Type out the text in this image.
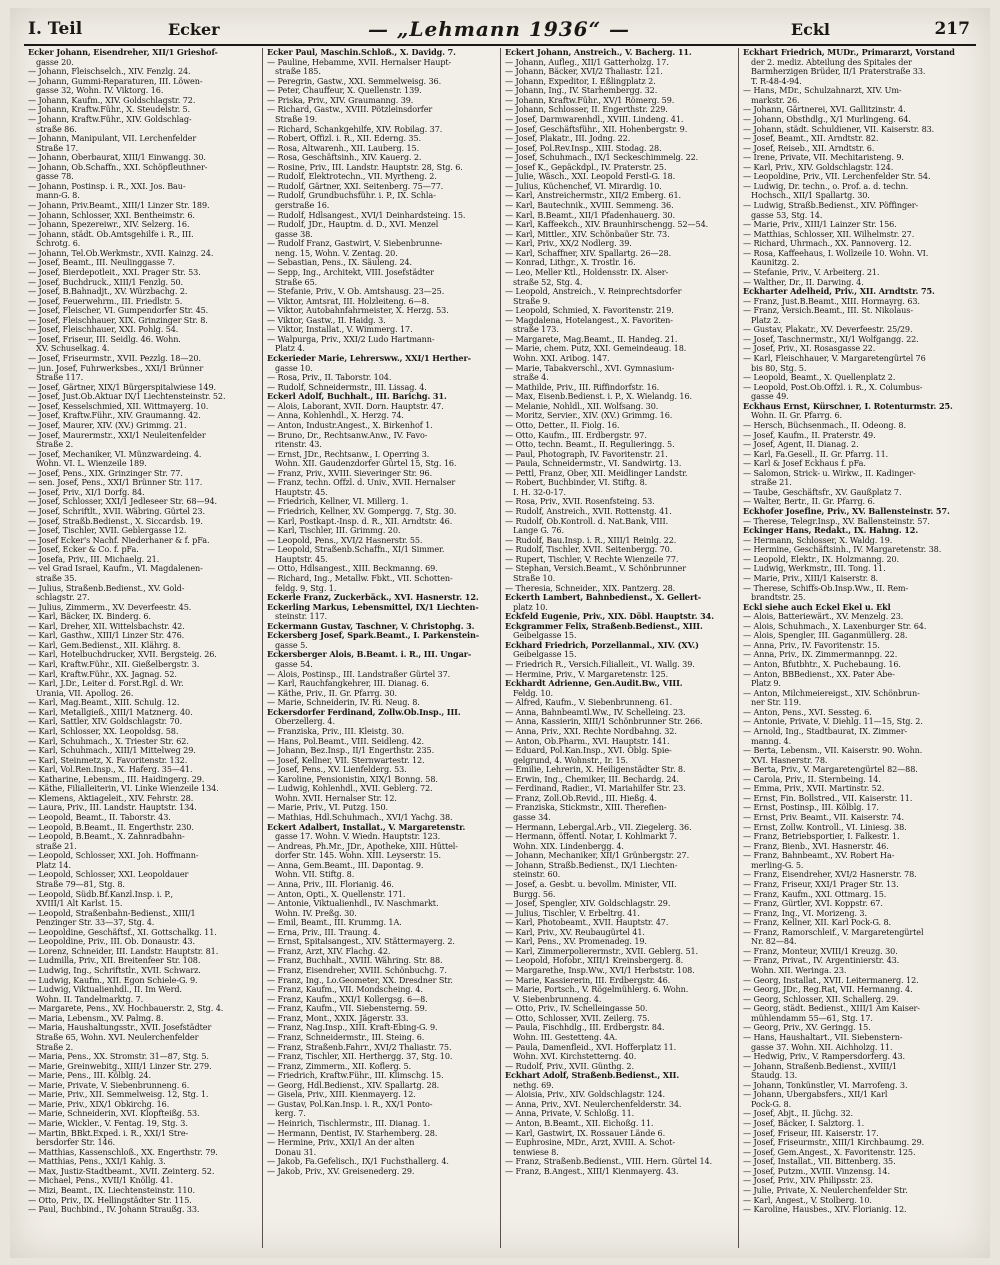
I. Teil	Ecker	— „Lehmann 1936“ —	Eckl	217
Ecker Johann, Eisendreher, XII/1 Grieshof-
gasse 20.
— Johann, Fleischselch., XIV. Fenzlg. 24.
— Johann, Gummi-Reparaturen, III. Löwen-
gasse 32, Wohn. IV. Viktorg. 16.
— Johann, Kaufm., XIV. Goldschlagstr. 72.
— Johann, Kraftw.Führ., X. Steudelstr. 5.
— Johann, Kraftw.Führ., XIV. Goldschlag-
straße 86.
— Johann, Manipulant, VII. Lerchenfelder
Straße 17.
— Johann, Oberbaurat, XIII/1 Einwangg. 30.
— Johann, Ob.Schaffn., XXI. Schöpfleuthner-
gasse 78.
— Johann, Postinsp. i. R., XXI. Jos. Bau-
mann-G. 8.
— Johann, Priv.Beamt., XIII/1 Linzer Str. 189.
— Johann, Schlosser, XXI. Bentheimstr. 6.
— Johann, Spezereiwr., XIV. Selzerg. 16.
— Johann, städt. Ob.Amtsgehilfe i. R., III.
Schrotg. 6.
— Johann, Tel.Ob.Werkmstr., XVII. Kainzg. 24.
— Josef, Beamt., III. Neulinggasse 7.
— Josef, Bierdepotleit., XXI. Prager Str. 53.
— Josef, Buchdruck., XIII/1 Fenzlg. 50.
— Josef, B.Bahnadjt., XV. Würzbachg. 2.
— Josef, Feuerwehrm., III. Friedlstr. 5.
— Josef, Fleischer, VI. Gumpendorfer Str. 45.
— Josef, Fleischhauer, XIX. Grinzinger Str. 8.
— Josef, Fleischhauer, XXI. Pohlg. 54.
— Josef, Friseur, III. Seidlg. 46. Wohn.
XV. Schuselkag. 4.
— Josef, Friseurmstr., XVII. Pezzlg. 18—20.
— jun. Josef, Fuhrwerksbes., XXI/1 Brünner
Straße 117.
— Josef, Gärtner, XIX/1 Bürgerspitalwiese 149.
— Josef, Just.Ob.Aktuar IX/1 Liechtensteinstr. 52.
— Josef, Kesselschmied, XII. Wittmayerg. 10.
— Josef, Kraftw.Führ., XIV. Graumanng. 42.
— Josef, Maurer, XIV. (XV.) Grimmg. 21.
— Josef, Maurermstr., XXI/1 Neuleitenfelder
Straße 2.
— Josef, Mechaniker, VI. Münzwardeing. 4.
Wohn. VI. L. Wienzeile 189.
— Josef, Pens., XIX. Grinzinger Str. 77.
— sen. Josef, Pens., XXI/1 Brünner Str. 117.
— Josef, Priv., XI/1 Dorfg. 84.
— Josef, Schlosser, XXI/1 Jedleseer Str. 68—94.
— Josef, Schriftlt., XVII. Wäbring. Gürtel 23.
— Josef, Straßb.Bedienst., X. Siccardsb. 19.
— Josef, Tischler, XVII. Geblergasse 12.
— Josef Ecker's Nachf. Niederhaner & f. pFa.
— Josef, Ecker & Co. f. pFa.
— Josefa, Priv., III. Michaelg. 21.
— vel Grad Israel, Kaufm., VI. Magdalenen-
straße 35.
— Julius, Straßenb.Bedienst., XV. Gold-
schlagstr. 27.
— Julius, Zimmerm., XV. Deverfeestr. 45.
— Karl, Bäcker, IX. Binderg. 6.
— Karl, Dreher, XII. Wittelsbachstr. 42.
— Karl, Gasthw., XIII/1 Linzer Str. 476.
— Karl, Gem.Bedienst., XII. Klährg. 8.
— Karl, Hotelbuchdrucker, XVII. Bergsteig. 26.
— Karl, Kraftw.Führ., XII. Gießelbergstr. 3.
— Karl, Kraftw.Führ., XX. Jagnag. 52.
— Karl, J.Dr., Leiter d. Forst.Rgl. d. Wr.
Urania, VII. Apollog. 26.
— Karl, Mag.Beamt., XIII. Schulg. 12.
— Karl, Metallgieß., XIII/1 Matznerg. 40.
— Karl, Sattler, XIV. Goldschlagstr. 70.
— Karl, Schlosser, XX. Leopoldsg. 58.
— Karl, Schuhmach., X. Triester Str. 62.
— Karl, Schuhmach., XIII/1 Mittelweg 29.
— Karl, Steinmetz, X. Favoritenstr. 132.
— Karl, Vol.Ren.Insp., X. Haferg. 35—41.
— Katharine, Lebensm., III. Haidingerg. 29.
— Käthe, Filialleiterin, VI. Linke Wienzeile 134.
— Klemens, Aktiageleit., XIV. Fehrstr. 28.
— Laura, Priv., III. Landstr. Hauptstr. 134.
— Leopold, Beamt., II. Taborstr. 43.
— Leopold, B.Beamt., II. Engerthstr. 230.
— Leopold, B.Beamt., X. Zahnradbahn-
straße 21.
— Leopold, Schlosser, XXI. Joh. Hoffmann-
Platz 14.
— Leopold, Schlosser, XXI. Leopoldauer
Straße 79—81, Stg. 8.
— Leopold, Südb.Bf.Kanzl.Insp. i. P.,
XVIII/1 Alt Karlst. 15.
— Leopold, Straßenbahn-Bedienst., XIII/1
Penzinger Str. 33—37, Stg. 4.
— Leopoldine, Geschäftsf., XI. Gottschalkg. 11.
— Leopoldine, Priv., III. Ob. Donaustr. 43.
— Lorenz, Schneider, III. Landstr. Hauptstr. 81.
— Ludmilla, Priv., XII. Breitenfeer Str. 108.
— Ludwig, Ing., Schriftstlr., XVII. Schwarz.
— Ludwig, Kaufm., XII. Egon Schiele-G. 9.
— Ludwig, Viktualienhdl., II. Im Werd.
Wohn. II. Tandelmarktg. 7.
— Margarete, Pens., XV. Hochbauerstr. 2, Stg. 4.
— Maria, Lebensm., XV. Palmg. 8.
— Maria, Haushaltungsstr., XVII. Josefstädter
Straße 65, Wohn. XVI. Neulerchenfelder
Straße 2.
— Maria, Pens., XX. Stromstr. 31—87, Stg. 5.
— Marie, Greinwebitg., XIII/1 Linzer Str. 279.
— Marie, Pens., III. Kölblg. 24.
— Marie, Private, V. Siebenbrunneng. 6.
— Marie, Priv., XII. Semmelweisg. 12, Stg. 1.
— Marie, Priv., XIX/1 Obkirchg. 16.
— Marie, Schneiderin, XVI. Klopfteißg. 53.
— Marie, Wickler., V. Fentag. 19, Stg. 3.
— Martin, BBkt.Exped. i. R., XXI/1 Stre-
bersdorfer Str. 146.
— Matthias, Kassenschloß., XX. Engerthstr. 79.
— Matthias, Pens., XXI/1 Kahlg. 3.
— Max, Justiz-Stadtbeamt., XVII. Zeinterg. 52.
— Michael, Pens., XVII/1 Knöllg. 41.
— Mizi, Beamt., IX. Liechtensteinstr. 110.
— Otto, Priv., IX. Hellingstädter Str. 115.
— Paul, Buchbind., IV. Johann Straußg. 33.
Ecker Paul, Maschin.Schloß., X. Davidg. 7.
— Pauline, Hebamme, XVII. Hernalser Haupt-
straße 185.
— Peregrin, Gastw., XXI. Semmelweisg. 36.
— Peter, Chauffeur, X. Quellenstr. 139.
— Priska, Priv., XIV. Graumanng. 39.
— Richard, Gastw., XVIII. Pötzleinsdorfer
Straße 19.
— Richard, Schankgehilfe, XIV. Robilag. 37.
— Robert, Offizl. i. R., XII. Ederng. 35.
— Rosa, Altwarenh., XII. Lauberg. 15.
— Rosa, Geschäftsinh., XIV. Kauerg. 2.
— Rosine, Priv., III. Landstr. Hauptstr. 28, Stg. 6.
— Rudolf, Elektrotechn., VII. Myrtheng. 2.
— Rudolf, Gärtner, XXI. Seitenberg. 75—77.
— Rudolf, Grundbuchsführ. i. P., IX. Schla-
gerstraße 16.
— Rudolf, Hdlsangest., XVI/1 Deinhardsteing. 15.
— Rudolf, JDr., Hauptm. d. D., XVI. Menzel
gasse 38.
— Rudolf Franz, Gastwirt, V. Siebenbrunne-
neng. 15, Wohn. V. Zentag. 20.
— Sebastian, Pens., IX. Säuleng. 24.
— Sepp, Ing., Architekt, VIII. Josefstädter
Straße 65.
— Stefanie, Priv., V. Ob. Amtshausg. 23—25.
— Viktor, Amtsrat, III. Holzleiteng. 6—8.
— Viktor, Autobahnfahrmeister, X. Herzg. 53.
— Viktor, Gastw., II. Haidg. 3.
— Viktor, Installat., V. Wimmerg. 17.
— Walpurga, Priv., XXI/2 Ludo Hartmann-
Platz 4.
Eckerieder Marie, Lehrersww., XXI/1 Herther-
gasse 10.
— Rosa, Priv., II. Taborstr. 104.
— Rudolf, Schneidermstr., III. Lissag. 4.
Eckerl Adolf, Buchhalt., III. Barichg. 31.
— Alois, Laborant, XVII. Dorn. Hauptstr. 47.
— Anna, Kohlenhdl., X. Herzg. 74.
— Anton, Industr.Angest., X. Birkenhof 1.
— Bruno, Dr., Rechtsanw.Anw., IV. Favo-
ritenstr. 43.
— Ernst, JDr., Rechtsanw., I. Operring 3.
Wohn. XII. Gaudenzdorfer Gürtel 15, Stg. 16.
— Franz, Priv., XVIII. Sieveringer Str. 96.
— Franz, techn. Offzl. d. Univ., XVII. Hernalser
Hauptstr. 45.
— Friedrich, Kellner, VI. Millerg. 1.
— Friedrich, Kellner, XV. Gompergg. 7, Stg. 30.
— Karl, Postkapt.-Insp. d. R., XII. Arndtstr. 46.
— Karl, Tischler, III. Grimmg. 20.
— Leopold, Pens., XVI/2 Hasnerstr. 55.
— Leopold, Straßenb.Schaffn., XI/1 Simmer.
Hauptstr. 45.
— Otto, Hdlsangest., XIII. Beckmanng. 69.
— Richard, Ing., Metallw. Fbkt., VII. Schotten-
feldg. 9, Stg. 1.
Eckerle Franz, Zuckerbäck., XVI. Hasnerstr. 12.
Eckerling Markus, Lebensmittel, IX/1 Liechten-
steinstr. 117.
Eckermann Gustav, Taschner, V. Christophg. 3.
Eckersberg Josef, Spark.Beamt., I. Parkenstein-
gasse 5.
Eckersberger Alois, B.Beamt. i. R., III. Ungar-
gasse 54.
— Alois, Postinsp., III. Landstraßer Gürtel 37.
— Karl, Rauchfangkehrer, III. Dianag. 6.
— Käthe, Priv., II. Gr. Pfarrg. 30.
— Marie, Schneiderin, IV. Ri. Neug. 8.
Eckersdorfer Ferdinand, Zollw.Ob.Insp., III.
Oberzellerg. 4.
— Franziska, Priv., III. Kleistg. 30.
— Hans, Pol.Beamt., VIII. Seidleng. 42.
— Johann, Bez.Insp., II/1 Engerthstr. 235.
— Josef, Kellner, VII. Sternwartestr. 12.
— Josef, Pens., XV. Lienfelderg. 53.
— Karoline, Pensionistin, XIX/1 Bonng. 58.
— Ludwig, Kohlenhdl., XVII. Geblerg. 72.
Wohn. XVII. Hernalser Str. 12.
— Marie, Priv., VI. Putzg. 150.
— Mathias, Hdl.Schuhmach., XVI/1 Yachg. 38.
Eckert Adalbert, Installat., V. Margaretenstr.
gasse 17. Wohn. V. Wiedn. Hauptstr. 123.
— Andreas, Ph.Mr., JDr., Apotheke, XIII. Hüttel-
dorfer Str. 145. Wohn. XIII. Leyserstr. 15.
— Anna, Gem.Beamt., III. Dapontag. 9.
Wohn. VII. Stiftg. 8.
— Anna, Priv., III. Florianig. 46.
— Anton, Opti., X. Quellenstr. 171.
— Antonie, Viktualienhdl., IV. Naschmarkt.
Wohn. IV. Preßg. 30.
— Emil, Beamt., III. Krummg. 1A.
— Erna, Priv., III. Traung. 4.
— Ernst, Spitalsangest., XIV. Stättermayerg. 2.
— Franz, Arzt, XIV. Flachg. 42.
— Franz, Buchhalt., XVIII. Währing. Str. 88.
— Franz, Eisendreher, XVIII. Schönbuchg. 7.
— Franz, Ing., Lo.Geometer, XX. Dresdner Str.
— Franz, Kaufm., VII. Mondscheing. 4.
— Franz, Kaufm., XXI/1 Kollergsg. 6—8.
— Franz, Kaufm., VII. Siebensterng. 59.
— Franz, Mont., XXIX. Jägerstr. 33.
— Franz, Nag.Insp., XIII. Kraft-Ebing-G. 9.
— Franz, Schneidermstr., III. Steing. 6.
— Franz, Straßenb.Fahrr., XVI/2 Thaliastr. 75.
— Franz, Tischler, XII. Herthergg. 37, Stg. 10.
— Franz, Zimmerm., XII. Koflerg. 5.
— Friedrich, Kraftw.Führ., III. Klimschg. 15.
— Georg, Hdl.Bedienst., XIV. Spallartg. 28.
— Gisela, Priv., XIII. Kienmayerg. 12.
— Gustav, Pol.Kan.Insp. i. R., XX/1 Ponto-
kerg. 7.
— Heinrich, Tischlermstr., III. Dianag. 1.
— Hermann, Dentist, IV. Starhemberg. 28.
— Hermine, Priv., XXI/1 An der alten
Donau 31.
— Jakob, Fa.Gefelisch., IX/1 Fuchsthallerg. 4.
— Jakob, Priv., XV. Greisenederg. 29.
Eckert Johann, Anstreich., V. Bacherg. 11.
— Johann, Aufleg., XII/1 Gatterholzg. 17.
— Johann, Bäcker, XVI/2 Thaliastr. 121.
— Johann, Expeditor, I. Eßlingplatz 2.
— Johann, Ing., IV. Starhembergg. 32.
— Johann, Kraftw.Führ., XV/1 Römerg. 59.
— Johann, Schlosser, II. Engerthstr. 229.
— Josef, Darmwarenhdl., XVIII. Lindeng. 41.
— Josef, Geschäftsführ., XII. Hohenbergstr. 9.
— Josef, Plakatr., III. Jodng. 22.
— Josef, Pol.Rev.Insp., XIII. Stodag. 28.
— Josef, Schuhmach., IX/1 Seckeschimmelg. 22.
— Josef K., Gepäckdpl., IV. Praterstr. 25.
— Julie, Wäsch., XXI. Leopold Ferstl-G. 18.
— Julius, Küchenchef, VI. Mirardig. 10.
— Karl, Anstreichermstr., XII/2 Emberg. 61.
— Karl, Bautechnik., XVIII. Semmeng. 36.
— Karl, B.Beamt., XII/1 Pfadenhauerg. 30.
— Karl, Kaffeekch., XIV. Braunhirschengg. 52—54.
— Karl, Mittler., XIV. Schönbaüer Str. 73.
— Karl, Priv., XX/2 Nodlerg. 39.
— Karl, Schaffner, XIV. Spallartg. 26—28.
— Konrad, Lithgr., X. Trostlr. 16.
— Leo, Meller Ktl., Holdensstr. IX. Alser-
straße 52, Stg. 4.
— Leopold, Anstreich., V. Reinprechtsdorfer
Straße 9.
— Leopold, Schmied, X. Favoritenstr. 219.
— Magdalena, Hotelangest., X. Favoriten-
straße 173.
— Margarete, Mag.Beamt., II. Handeg. 21.
— Marie, chem. Putz, XXI. Gemeindeaug. 18.
Wohn. XXI. Aribog. 147.
— Marie, Tabakverschl., XVI. Gymnasium-
straße 4.
— Mathilde, Priv., III. Riffindorfstr. 16.
— Max, Eisenb.Bedienst. i. P., X. Wielandg. 16.
— Melanie, Nohldl., XII. Wolfsang. 30.
— Moritz, Servier., XIV. (XV.) Grimmg. 16.
— Otto, Detter., II. Fiolg. 16.
— Otto, Kaufm., III. Erdbergstr. 97.
— Otto, techn. Beamt., II. Regulieringg. 5.
— Paul, Photograph, IV. Favoritenstr. 21.
— Paula, Schneidermstr., VI. Sandwirtg. 13.
— Pettl, Franz, Ober, XII. Meidlinger Landstr.
— Robert, Buchbinder, VI. Stiftg. 8.
I. H. 32-0-17.
— Rosa, Priv., XVII. Rosenfsteing. 53.
— Rudolf, Anstreich., XVII. Rottenstg. 41.
— Rudolf, Ob.Kontroll. d. Nat.Bank, VIII.
Lange G. 76.
— Rudolf, Bau.Insp. i. R., XIII/1 Reinlg. 22.
— Rudolf, Tischler, XVII. Seitenbergg. 70.
— Rupert, Tischler, V. Rechte Wienzeile 77.
— Stephan, Versich.Beamt., V. Schönbrunner
Straße 10.
— Theresia, Schneider., XIX. Pantzerg. 28.
Eckerth Lambert, Bahnbedienst., X. Gellert-
platz 10.
Eckfeld Eugenie, Priv., XIX. Döbl. Hauptstr. 34.
Eckgrammer Felix, Straßenb.Bedienst., XIII.
Geibelgasse 15.
Eckhard Friedrich, Porzellanmal., XIV. (XV.)
Geibelgasse 15.
— Friedrich R., Versich.Filialleit., VI. Wallg. 39.
— Hermine, Priv., V. Margaretenstr. 125.
Eckhardt Adrienne, Gen.Audit.Bw., VIII.
Feldg. 10.
— Alfred, Kaufm., V. Siebenbrunneng. 61.
— Anna, Bahnbeamtl.Ww., IV. Schelleing. 23.
— Anna, Kassierin, XIII/1 Schönbrunner Str. 266.
— Anna, Priv., XXI. Rechte Nordbahng. 32.
— Anton, Ob.Pharm., XVI. Hauptstr. 141.
— Eduard, Pol.Kan.Insp., XVI. Oblg. Spie-
gelgrund, 4. Wohnstr., Ir. 15.
— Emilie, Lehrerin, X. Heiligenstädter Str. 8.
— Erwin, Ing., Chemiker, III. Bechardg. 24.
— Ferdinand, Radier., VI. Mariahilfer Str. 23.
— Franz, Zoll.Ob.Revid., III. Hießg. 4.
— Franziska, Stickmstr., XIII. Therefien-
gasse 34.
— Hermann, Lebergal.Arb., VII. Ziegelerg. 36.
— Hermann, öffentl. Notar, I. Kohlmarkt 7.
Wohn. XIX. Lindenbergg. 4.
— Johann, Mechaniker, XII/1 Grünbergstr. 27.
— Johann, Straßb.Bedienst., IX/1 Liechten-
steinstr. 60.
— Josef, a. Gesbt. u. bevollm. Minister, VII.
Burgg. 56.
— Josef, Spengler, XIV. Goldschlagstr. 29.
— Julius, Tischler, V. Erbeltrg. 41.
— Karl, Photobeamt., XVII. Hauptstr. 47.
— Karl, Priv., XV. Reubaugürtel 41.
— Karl, Pens., XV. Promenadeg. 19.
— Karl, Zimmerpolierermstr., XVII. Geblerg. 51.
— Leopold, Hofobr., XIII/1 Kreinsbergerg. 8.
— Margarethe, Insp.Ww., XVI/1 Herbststr. 108.
— Marie, Kassiererin, III. Erdbergstr. 46.
— Marie, Portsch., V. Rögelmühlerg. 6. Wohn.
V. Siebenbrunneng. 4.
— Otto, Priv., IV. Schelleingasse 50.
— Otto, Schlosser, XVII. Zeilerg. 75.
— Paula, Fischhdlg., III. Erdbergstr. 84.
Wohn. III. Gestetteng. 4A.
— Paula, Damenfleid., XVI. Hofferplatz 11.
Wohn. XVI. Kirchstetterng. 40.
— Rudolf, Priv., XVII. Günthg. 2.
Eckhart Adolf, Straßenb.Bedienst., XII.
nethg. 69.
— Aloisia, Priv., XIV. Goldschlagstr. 124.
— Anna, Priv., XVI. Neulerchenfelderstr. 34.
— Anna, Private, V. Schloßg. 11.
— Anton, B.Beamt., XII. Eichoßg. 11.
— Karl, Gastwirt, IX. Rossauer Lände 6.
— Euphrosine, MDr., Arzt, XVIII. A. Schot-
tenwiese 8.
— Franz, Straßenb.Bedienst., VIII. Hern. Gürtel 14.
— Franz, B.Angest., XIII/1 Kienmayerg. 43.
Eckhart Friedrich, MUDr., Primararzt, Vorstand
der 2. mediz. Abteilung des Spitales der
Barmherzigen Brüder, II/1 Praterstraße 33.
T. R-48-4-94.
— Hans, MDr., Schulzahnarzt, XIV. Um-
markstr. 26.
— Johann, Gärtnerei, XVI. Gallitzinstr. 4.
— Johann, Obsthdlg., X/1 Murlingeng. 64.
— Johann, städt. Schuldiener, VII. Kaiserstr. 83.
— Josef, Beamt., XII. Arndtstr. 82.
— Josef, Reiseb., XII. Arndtstr. 6.
— Irene, Private, VII. Mechitaristeng. 9.
— Karl, Priv., XIV. Goldschlagstr. 124.
— Leopoldine, Priv., VII. Lerchenfelder Str. 54.
— Ludwig, Dr. techn., o. Prof. a. d. techn.
Hochsch., XII/1 Spallartg. 30.
— Ludwig, Straßb.Bedienst., XIV. Pöffinger-
gasse 53, Stg. 14.
— Marie, Priv., XIII/1 Lainzer Str. 156.
— Matthias, Schlosser, XII. Wilhelmstr. 27.
— Richard, Uhrmach., XX. Pannoverg. 12.
— Rosa, Kaffeehaus, I. Wollzeile 10. Wohn. VI.
Kaunitzg. 2.
— Stefanie, Priv., V. Arbeiterg. 21.
— Walther, Dr., II. Darwing. 4.
Eckharter Adelheid, Priv., XII. Arndtstr. 75.
— Franz, Just.B.Beamt., XIII. Hormayrg. 63.
— Franz, Versich.Beamt., III. St. Nikolaus-
Platz 2.
— Gustav, Plakatr., XV. Deverfeestr. 25/29.
— Josef, Taschnermstr., XI/1 Wolfgangg. 22.
— Josef, Priv., XI. Rosasgasse 22.
— Karl, Fleischhauer, V. Margaretengürtel 76
bis 80, Stg. 5.
— Leopold, Beamt., X. Quellenplatz 2.
— Leopold, Post.Ob.Offzl. i. R., X. Columbus-
gasse 49.
Eckhaus Ernst, Kürschner, I. Rotenturmstr. 25.
Wohn. II. Gr. Pfarrg. 6.
— Hersch, Büchsenmach., II. Odeong. 8.
— Josef, Kaufm., II. Praterstr. 49.
— Josef, Agent, II. Dianag. 2.
— Karl, Fa.Gesell., II. Gr. Pfarrg. 11.
— Karl & Josef Eckhaus f. pFa.
— Salomon, Strick- u. Wirkw., II. Kadinger-
straße 21.
— Taube, Geschäftsfr., XV. Gaußplatz 7.
— Walter, Bertr., II. Gr. Pfarrg. 6.
Eckhofer Josefine, Priv., XV. Ballensteinstr. 57.
— Therese, Telegr.Insp., XV. Ballensteinstr. 57.
Eckinger Hans, Redakt., IX. Hahng. 12.
— Hermann, Schlosser, X. Waldg. 19.
— Hermine, Geschäftsinh., IV. Margaretenstr. 38.
— Leopold, Elektr., IX. Holzmanng. 20.
— Ludwig, Werkmstr., III. Tong. 11.
— Marie, Priv., XIII/1 Kaiserstr. 8.
— Therese, Schiffs-Ob.Insp.Ww., II. Rem-
brandtstr. 25.
Eckl siehe auch Eckel Ekel u. Ekl
— Alois, Batteriewärt., XV. Menzelg. 23.
— Alois, Schuhmach., X. Laxenburger Str. 64.
— Alois, Spengler, III. Gaganmüllerg. 28.
— Anna, Priv., IV. Favoritenstr. 15.
— Anna, Priv., IX. Zimmermannpg. 22.
— Anton, Bfutbhtr., X. Puchebaung. 16.
— Anton, BBBedienst., XX. Pater Abe-
Platz 9.
— Anton, Milchmeiereigst., XIV. Schönbrun-
ner Str. 119.
— Anton, Pens., XVI. Sessteg. 6.
— Antonie, Private, V. Diehlg. 11—15, Stg. 2.
— Arnold, Ing., Stadtbaurat, IX. Zimmer-
manng. 4.
— Berta, Lebensm., VII. Kaiserstr. 90. Wohn.
XVI. Hasnerstr. 78.
— Berta, Priv., V. Margaretengürtel 82—88.
— Carola, Priv., II. Sternbeing. 14.
— Emma, Priv., XVII. Martinstr. 52.
— Ernst, Fin. Bollstred., VII. Kaiserstr. 11.
— Ernst, Postinsp., III. Kölblg. 17.
— Ernst, Priv. Beamt., VII. Kaiserstr. 74.
— Ernst, Zollw. Kontroll., VI. Liniesg. 38.
— Franz, Betriebsportier, I. Falkestr. 1.
— Franz, Bienb., XVI. Hasnerstr. 46.
— Franz, Bahnbeamt., XV. Robert Ha-
merling-G. 5.
— Franz, Eisendreher, XVI/2 Hasnerstr. 78.
— Franz, Friseur, XXI/1 Prager Str. 13.
— Franz, Kaufm., XXI. Ottmarg. 15.
— Franz, Gürtler, XVI. Koppstr. 67.
— Franz, Ing., VI. Morizeng. 3.
— Franz, Kellner, XII. Karl Pock-G. 8.
— Franz, Ramorschleif., V. Margaretengürtel
Nr. 82—84.
— Franz, Monteur, XVIII/1 Kreuzg. 30.
— Franz, Privat., IV. Argentinierstr. 43.
Wohn. XII. Weringa. 23.
— Georg, Installat., XVII. Leitermanerg. 12.
— Georg, JDr., Reg.Rat, VII. Hermanng. 4.
— Georg, Schlosser, XII. Schallerg. 29.
— Georg, städt. Bedienst., XIII/1 Am Kaiser-
mühlendamm 55—61, Stg. 17.
— Georg, Priv., XV. Geringg. 15.
— Hans, Haushaltart., VII. Siebenstern-
gasse 37. Wohn. XII. Aichholzg. 11.
— Hedwig, Priv., V. Rampersdorferg. 43.
— Johann, Straßenb.Bedienst., XVIII/1
Staudg. 13.
— Johann, Tonkünstler, VI. Marrofeng. 3.
— Johann, Übergabsfers., XII/1 Karl
Pock-G. 8.
— Josef, Abjt., II. Jüchg. 32.
— Josef, Bäcker, I. Salztorg. 1.
— Josef, Friseur, III. Kaiserstr. 17.
— Josef, Friseurmstr., XIII/1 Kirchbaumg. 29.
— Josef, Gem.Angest., X. Favoritenstr. 125.
— Josef, Installat., VII. Bittenberg. 35.
— Josef, Putzm., XVIII. Vinzensg. 14.
— Josef, Priv., XIV. Philipsstr. 23.
— Julie, Private, X. Neulerchenfelder Str.
— Karl, Angest., V. Stolberg. 10.
— Karoline, Hausbes., XIV. Florianig. 12.
